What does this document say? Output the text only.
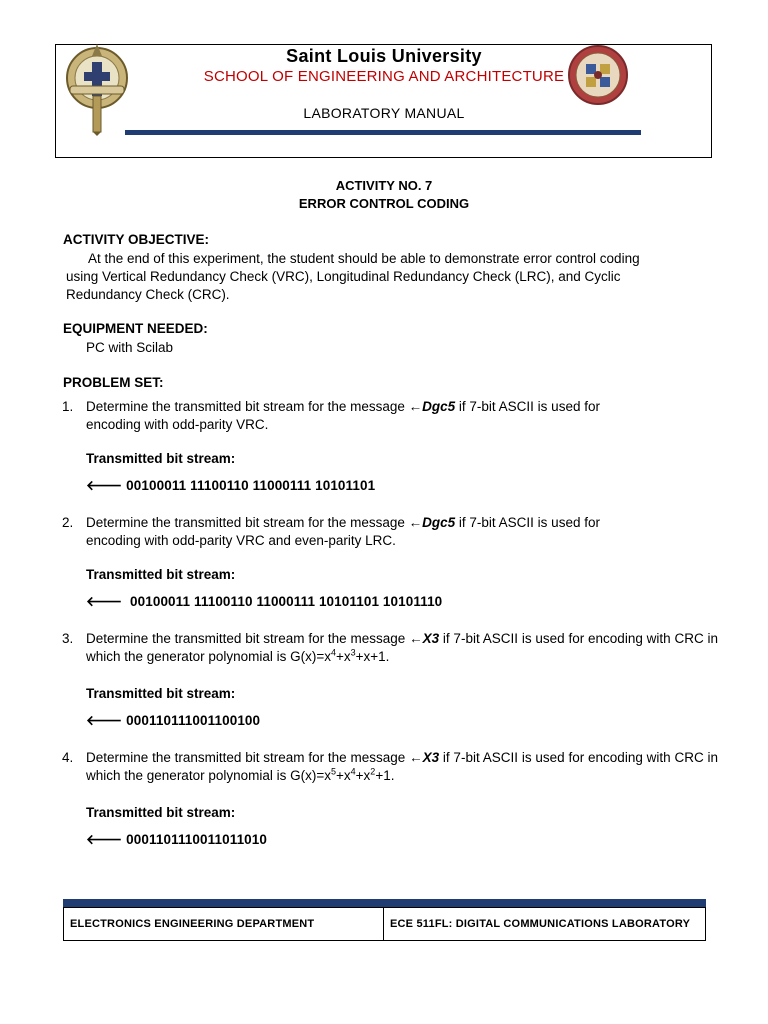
Saint Louis University
SCHOOL OF ENGINEERING AND ARCHITECTURE
LABORATORY MANUAL
ACTIVITY NO. 7
ERROR CONTROL CODING
ACTIVITY OBJECTIVE:
At the end of this experiment, the student should be able to demonstrate error control coding
using Vertical Redundancy Check (VRC), Longitudinal Redundancy Check (LRC), and Cyclic
Redundancy Check (CRC).
EQUIPMENT NEEDED:
PC with Scilab
PROBLEM SET:
1. Determine the transmitted bit stream for the message ←Dgc5 if 7-bit ASCII is used for
encoding with odd-parity VRC.
Transmitted bit stream:
🡐 00100011 11100110 11000111 10101101
2. Determine the transmitted bit stream for the message ←Dgc5 if 7-bit ASCII is used for
encoding with odd-parity VRC and even-parity LRC.
Transmitted bit stream:
🡐 00100011 11100110 11000111 10101101 10101110
3. Determine the transmitted bit stream for the message ←X3 if 7-bit ASCII is used for encoding with CRC in which the generator polynomial is $G(x)=x^4+x^3+x+1$.
Transmitted bit stream:
🡐 000110111001100100
4. Determine the transmitted bit stream for the message ←X3 if 7-bit ASCII is used for encoding with CRC in which the generator polynomial is $G(x)=x^5+x^4+x^2+1$.
Transmitted bit stream:
🡐 0001101110011011010
ELECTRONICS ENGINEERING DEPARTMENT	ECE 511FL: DIGITAL COMMUNICATIONS LABORATORY
